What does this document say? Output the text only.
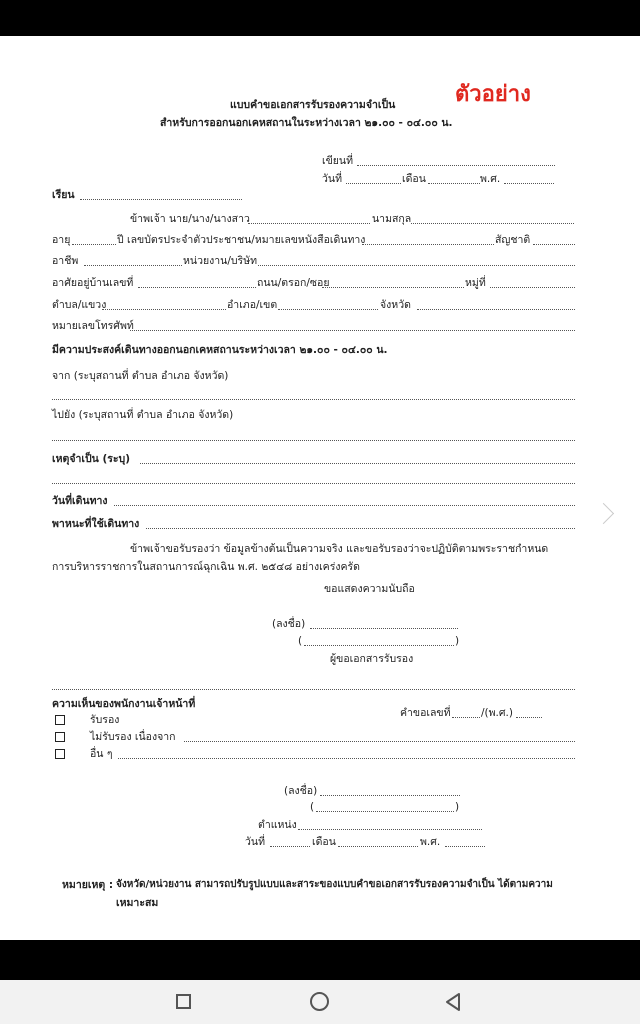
ตัวอย่าง
แบบคำขอเอกสารรับรองความจำเป็น
สำหรับการออกนอกเคหสถานในระหว่างเวลา ๒๑.๐๐ - ๐๔.๐๐ น.
เขียนที่
วันที่	เดือน	พ.ศ.
เรียน
ข้าพเจ้า นาย/นาง/นางสาว	นามสกุล
อายุ	ปี เลขบัตรประจำตัวประชาชน/หมายเลขหนังสือเดินทาง	สัญชาติ
อาชีพ	หน่วยงาน/บริษัท
อาศัยอยู่บ้านเลขที่	ถนน/ตรอก/ซอย	หมู่ที่
ตำบล/แขวง	อำเภอ/เขต	จังหวัด
หมายเลขโทรศัพท์
มีความประสงค์เดินทางออกนอกเคหสถานระหว่างเวลา ๒๑.๐๐ - ๐๔.๐๐ น.
จาก (ระบุสถานที่ ตำบล อำเภอ จังหวัด)
ไปยัง (ระบุสถานที่ ตำบล อำเภอ จังหวัด)
เหตุจำเป็น (ระบุ)
วันที่เดินทาง
พาหนะที่ใช้เดินทาง
ข้าพเจ้าขอรับรองว่า ข้อมูลข้างต้นเป็นความจริง และขอรับรองว่าจะปฏิบัติตามพระราชกำหนด
การบริหารราชการในสถานการณ์ฉุกเฉิน พ.ศ. ๒๕๔๘ อย่างเคร่งครัด
ขอแสดงความนับถือ
(ลงชื่อ)
(	)
ผู้ขอเอกสารรับรอง
ความเห็นของพนักงานเจ้าหน้าที่
คำขอเลขที่	/(พ.ศ.)
รับรอง
ไม่รับรอง เนื่องจาก
อื่น ๆ
(ลงชื่อ)
(	)
ตำแหน่ง
วันที่	เดือน	พ.ศ.
หมายเหตุ : จังหวัด/หน่วยงาน สามารถปรับรูปแบบและสาระของแบบคำขอเอกสารรับรองความจำเป็น ได้ตามความ
เหมาะสม
